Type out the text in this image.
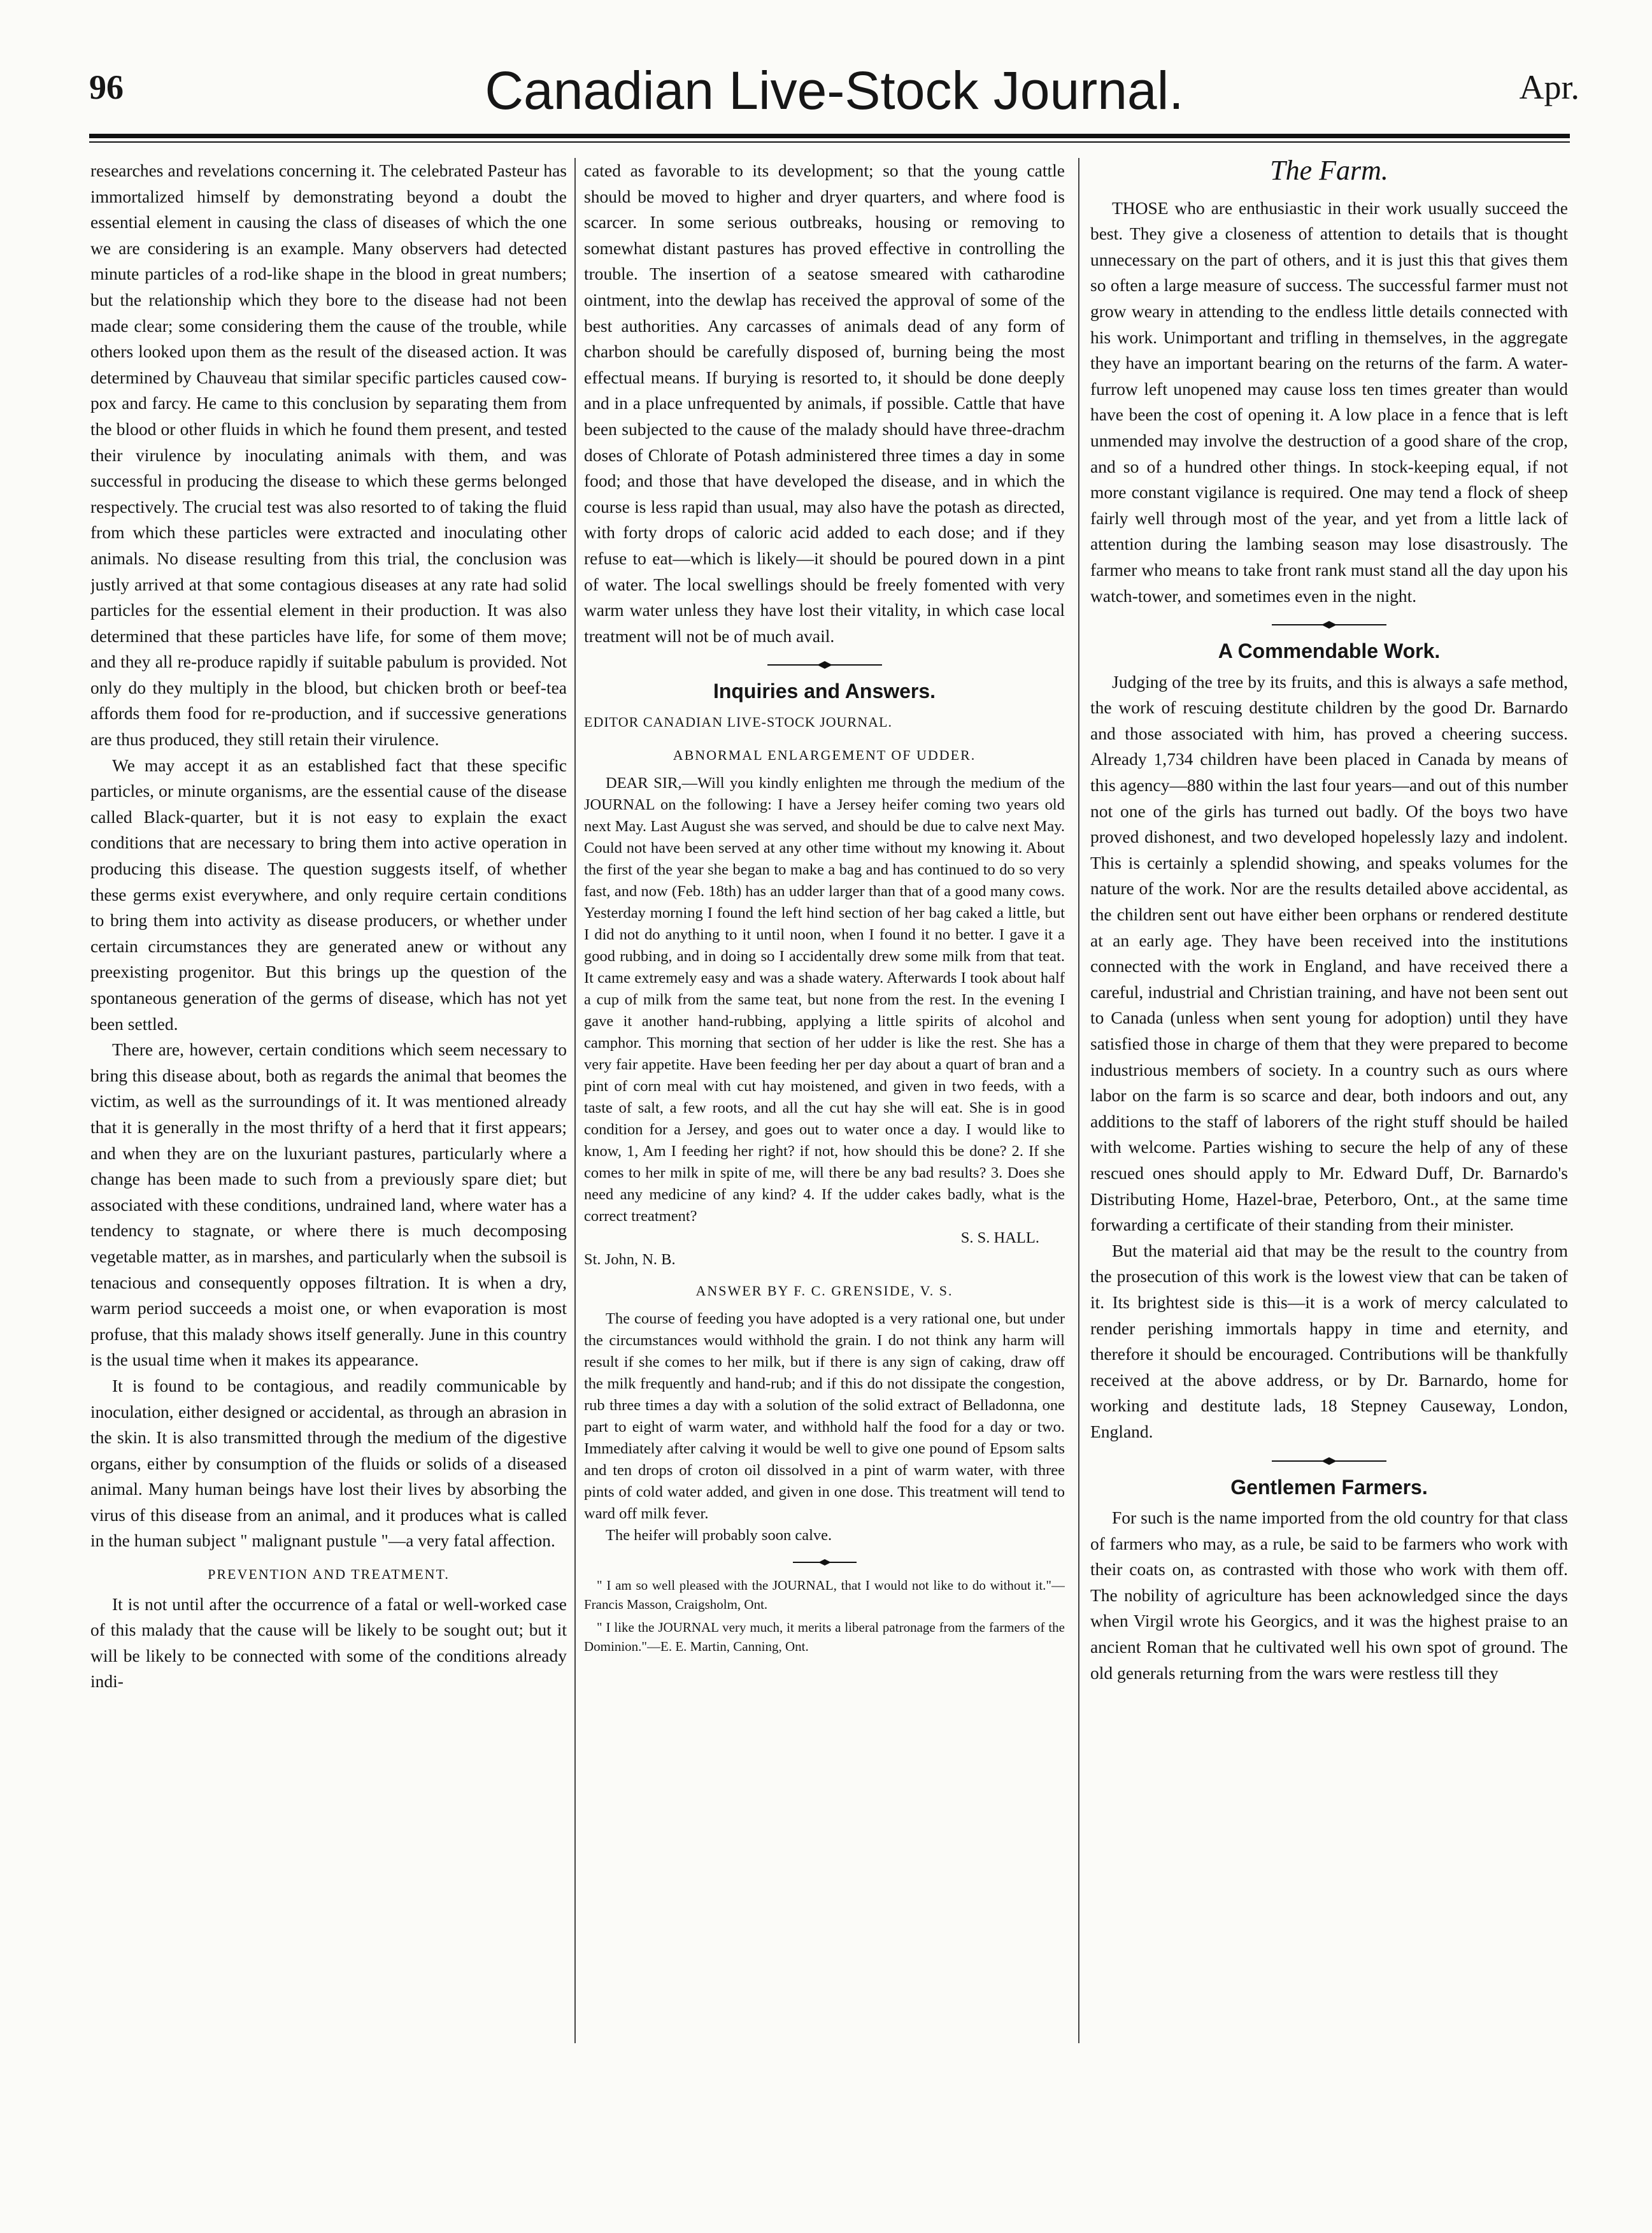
96	Canadian Live-Stock Journal.	Apr.

researches and revelations concerning it. The celebrated Pasteur has immortalized himself by demonstrating beyond a doubt the essential element in causing the class of diseases of which the one we are considering is an example. Many observers had detected minute particles of a rod-like shape in the blood in great numbers; but the relationship which they bore to the disease had not been made clear; some considering them the cause of the trouble, while others looked upon them as the result of the diseased action. It was determined by Chauveau that similar specific particles caused cow-pox and farcy. He came to this conclusion by separating them from the blood or other fluids in which he found them present, and tested their virulence by inoculating animals with them, and was successful in producing the disease to which these germs belonged respectively. The crucial test was also resorted to of taking the fluid from which these particles were extracted and inoculating other animals. No disease resulting from this trial, the conclusion was justly arrived at that some contagious diseases at any rate had solid particles for the essential element in their production. It was also determined that these particles have life, for some of them move; and they all re-produce rapidly if suitable pabulum is provided. Not only do they multiply in the blood, but chicken broth or beef-tea affords them food for re-production, and if successive generations are thus produced, they still retain their virulence.

We may accept it as an established fact that these specific particles, or minute organisms, are the essential cause of the disease called Black-quarter, but it is not easy to explain the exact conditions that are necessary to bring them into active operation in producing this disease. The question suggests itself, of whether these germs exist everywhere, and only require certain conditions to bring them into activity as disease producers, or whether under certain circumstances they are generated anew or without any preexisting progenitor. But this brings up the question of the spontaneous generation of the germs of disease, which has not yet been settled.

There are, however, certain conditions which seem necessary to bring this disease about, both as regards the animal that beomes the victim, as well as the surroundings of it. It was mentioned already that it is generally in the most thrifty of a herd that it first appears; and when they are on the luxuriant pastures, particularly where a change has been made to such from a previously spare diet; but associated with these conditions, undrained land, where water has a tendency to stagnate, or where there is much decomposing vegetable matter, as in marshes, and particularly when the subsoil is tenacious and consequently opposes filtration. It is when a dry, warm period succeeds a moist one, or when evaporation is most profuse, that this malady shows itself generally. June in this country is the usual time when it makes its appearance.

It is found to be contagious, and readily communicable by inoculation, either designed or accidental, as through an abrasion in the skin. It is also transmitted through the medium of the digestive organs, either by consumption of the fluids or solids of a diseased animal. Many human beings have lost their lives by absorbing the virus of this disease from an animal, and it produces what is called in the human subject " malignant pustule "—a very fatal affection.

PREVENTION AND TREATMENT.

It is not until after the occurrence of a fatal or well-worked case of this malady that the cause will be likely to be sought out; but it will be likely to be connected with some of the conditions already indi-

cated as favorable to its development; so that the young cattle should be moved to higher and dryer quarters, and where food is scarcer. In some serious outbreaks, housing or removing to somewhat distant pastures has proved effective in controlling the trouble. The insertion of a seatose smeared with catharodine ointment, into the dewlap has received the approval of some of the best authorities. Any carcasses of animals dead of any form of charbon should be carefully disposed of, burning being the most effectual means. If burying is resorted to, it should be done deeply and in a place unfrequented by animals, if possible. Cattle that have been subjected to the cause of the malady should have three-drachm doses of Chlorate of Potash administered three times a day in some food; and those that have developed the disease, and in which the course is less rapid than usual, may also have the potash as directed, with forty drops of caloric acid added to each dose; and if they refuse to eat—which is likely—it should be poured down in a pint of water. The local swellings should be freely fomented with very warm water unless they have lost their vitality, in which case local treatment will not be of much avail.

Inquiries and Answers.

EDITOR CANADIAN LIVE-STOCK JOURNAL.

ABNORMAL ENLARGEMENT OF UDDER.

DEAR SIR,—Will you kindly enlighten me through the medium of the JOURNAL on the following: I have a Jersey heifer coming two years old next May. Last August she was served, and should be due to calve next May. Could not have been served at any other time without my knowing it. About the first of the year she began to make a bag and has continued to do so very fast, and now (Feb. 18th) has an udder larger than that of a good many cows. Yesterday morning I found the left hind section of her bag caked a little, but I did not do anything to it until noon, when I found it no better. I gave it a good rubbing, and in doing so I accidentally drew some milk from that teat. It came extremely easy and was a shade watery. Afterwards I took about half a cup of milk from the same teat, but none from the rest. In the evening I gave it another hand-rubbing, applying a little spirits of alcohol and camphor. This morning that section of her udder is like the rest. She has a very fair appetite. Have been feeding her per day about a quart of bran and a pint of corn meal with cut hay moistened, and given in two feeds, with a taste of salt, a few roots, and all the cut hay she will eat. She is in good condition for a Jersey, and goes out to water once a day. I would like to know, 1, Am I feeding her right? if not, how should this be done? 2. If she comes to her milk in spite of me, will there be any bad results? 3. Does she need any medicine of any kind? 4. If the udder cakes badly, what is the correct treatment?

S. S. HALL.

St. John, N. B.

ANSWER BY F. C. GRENSIDE, V. S.

The course of feeding you have adopted is a very rational one, but under the circumstances would withhold the grain. I do not think any harm will result if she comes to her milk, but if there is any sign of caking, draw off the milk frequently and hand-rub; and if this do not dissipate the congestion, rub three times a day with a solution of the solid extract of Belladonna, one part to eight of warm water, and withhold half the food for a day or two. Immediately after calving it would be well to give one pound of Epsom salts and ten drops of croton oil dissolved in a pint of warm water, with three pints of cold water added, and given in one dose. This treatment will tend to ward off milk fever.

The heifer will probably soon calve.

" I am so well pleased with the JOURNAL, that I would not like to do without it."—Francis Masson, Craigsholm, Ont.

" I like the JOURNAL very much, it merits a liberal patronage from the farmers of the Dominion."—E. E. Martin, Canning, Ont.

The Farm.

THOSE who are enthusiastic in their work usually succeed the best. They give a closeness of attention to details that is thought unnecessary on the part of others, and it is just this that gives them so often a large measure of success. The successful farmer must not grow weary in attending to the endless little details connected with his work. Unimportant and trifling in themselves, in the aggregate they have an important bearing on the returns of the farm. A water-furrow left unopened may cause loss ten times greater than would have been the cost of opening it. A low place in a fence that is left unmended may involve the destruction of a good share of the crop, and so of a hundred other things. In stock-keeping equal, if not more constant vigilance is required. One may tend a flock of sheep fairly well through most of the year, and yet from a little lack of attention during the lambing season may lose disastrously. The farmer who means to take front rank must stand all the day upon his watch-tower, and sometimes even in the night.

A Commendable Work.

Judging of the tree by its fruits, and this is always a safe method, the work of rescuing destitute children by the good Dr. Barnardo and those associated with him, has proved a cheering success. Already 1,734 children have been placed in Canada by means of this agency—880 within the last four years—and out of this number not one of the girls has turned out badly. Of the boys two have proved dishonest, and two developed hopelessly lazy and indolent. This is certainly a splendid showing, and speaks volumes for the nature of the work. Nor are the results detailed above accidental, as the children sent out have either been orphans or rendered destitute at an early age. They have been received into the institutions connected with the work in England, and have received there a careful, industrial and Christian training, and have not been sent out to Canada (unless when sent young for adoption) until they have satisfied those in charge of them that they were prepared to become industrious members of society. In a country such as ours where labor on the farm is so scarce and dear, both indoors and out, any additions to the staff of laborers of the right stuff should be hailed with welcome. Parties wishing to secure the help of any of these rescued ones should apply to Mr. Edward Duff, Dr. Barnardo's Distributing Home, Hazel-brae, Peterboro, Ont., at the same time forwarding a certificate of their standing from their minister.

But the material aid that may be the result to the country from the prosecution of this work is the lowest view that can be taken of it. Its brightest side is this—it is a work of mercy calculated to render perishing immortals happy in time and eternity, and therefore it should be encouraged. Contributions will be thankfully received at the above address, or by Dr. Barnardo, home for working and destitute lads, 18 Stepney Causeway, London, England.

Gentlemen Farmers.

For such is the name imported from the old country for that class of farmers who may, as a rule, be said to be farmers who work with their coats on, as contrasted with those who work with them off. The nobility of agriculture has been acknowledged since the days when Virgil wrote his Georgics, and it was the highest praise to an ancient Roman that he cultivated well his own spot of ground. The old generals returning from the wars were restless till they
